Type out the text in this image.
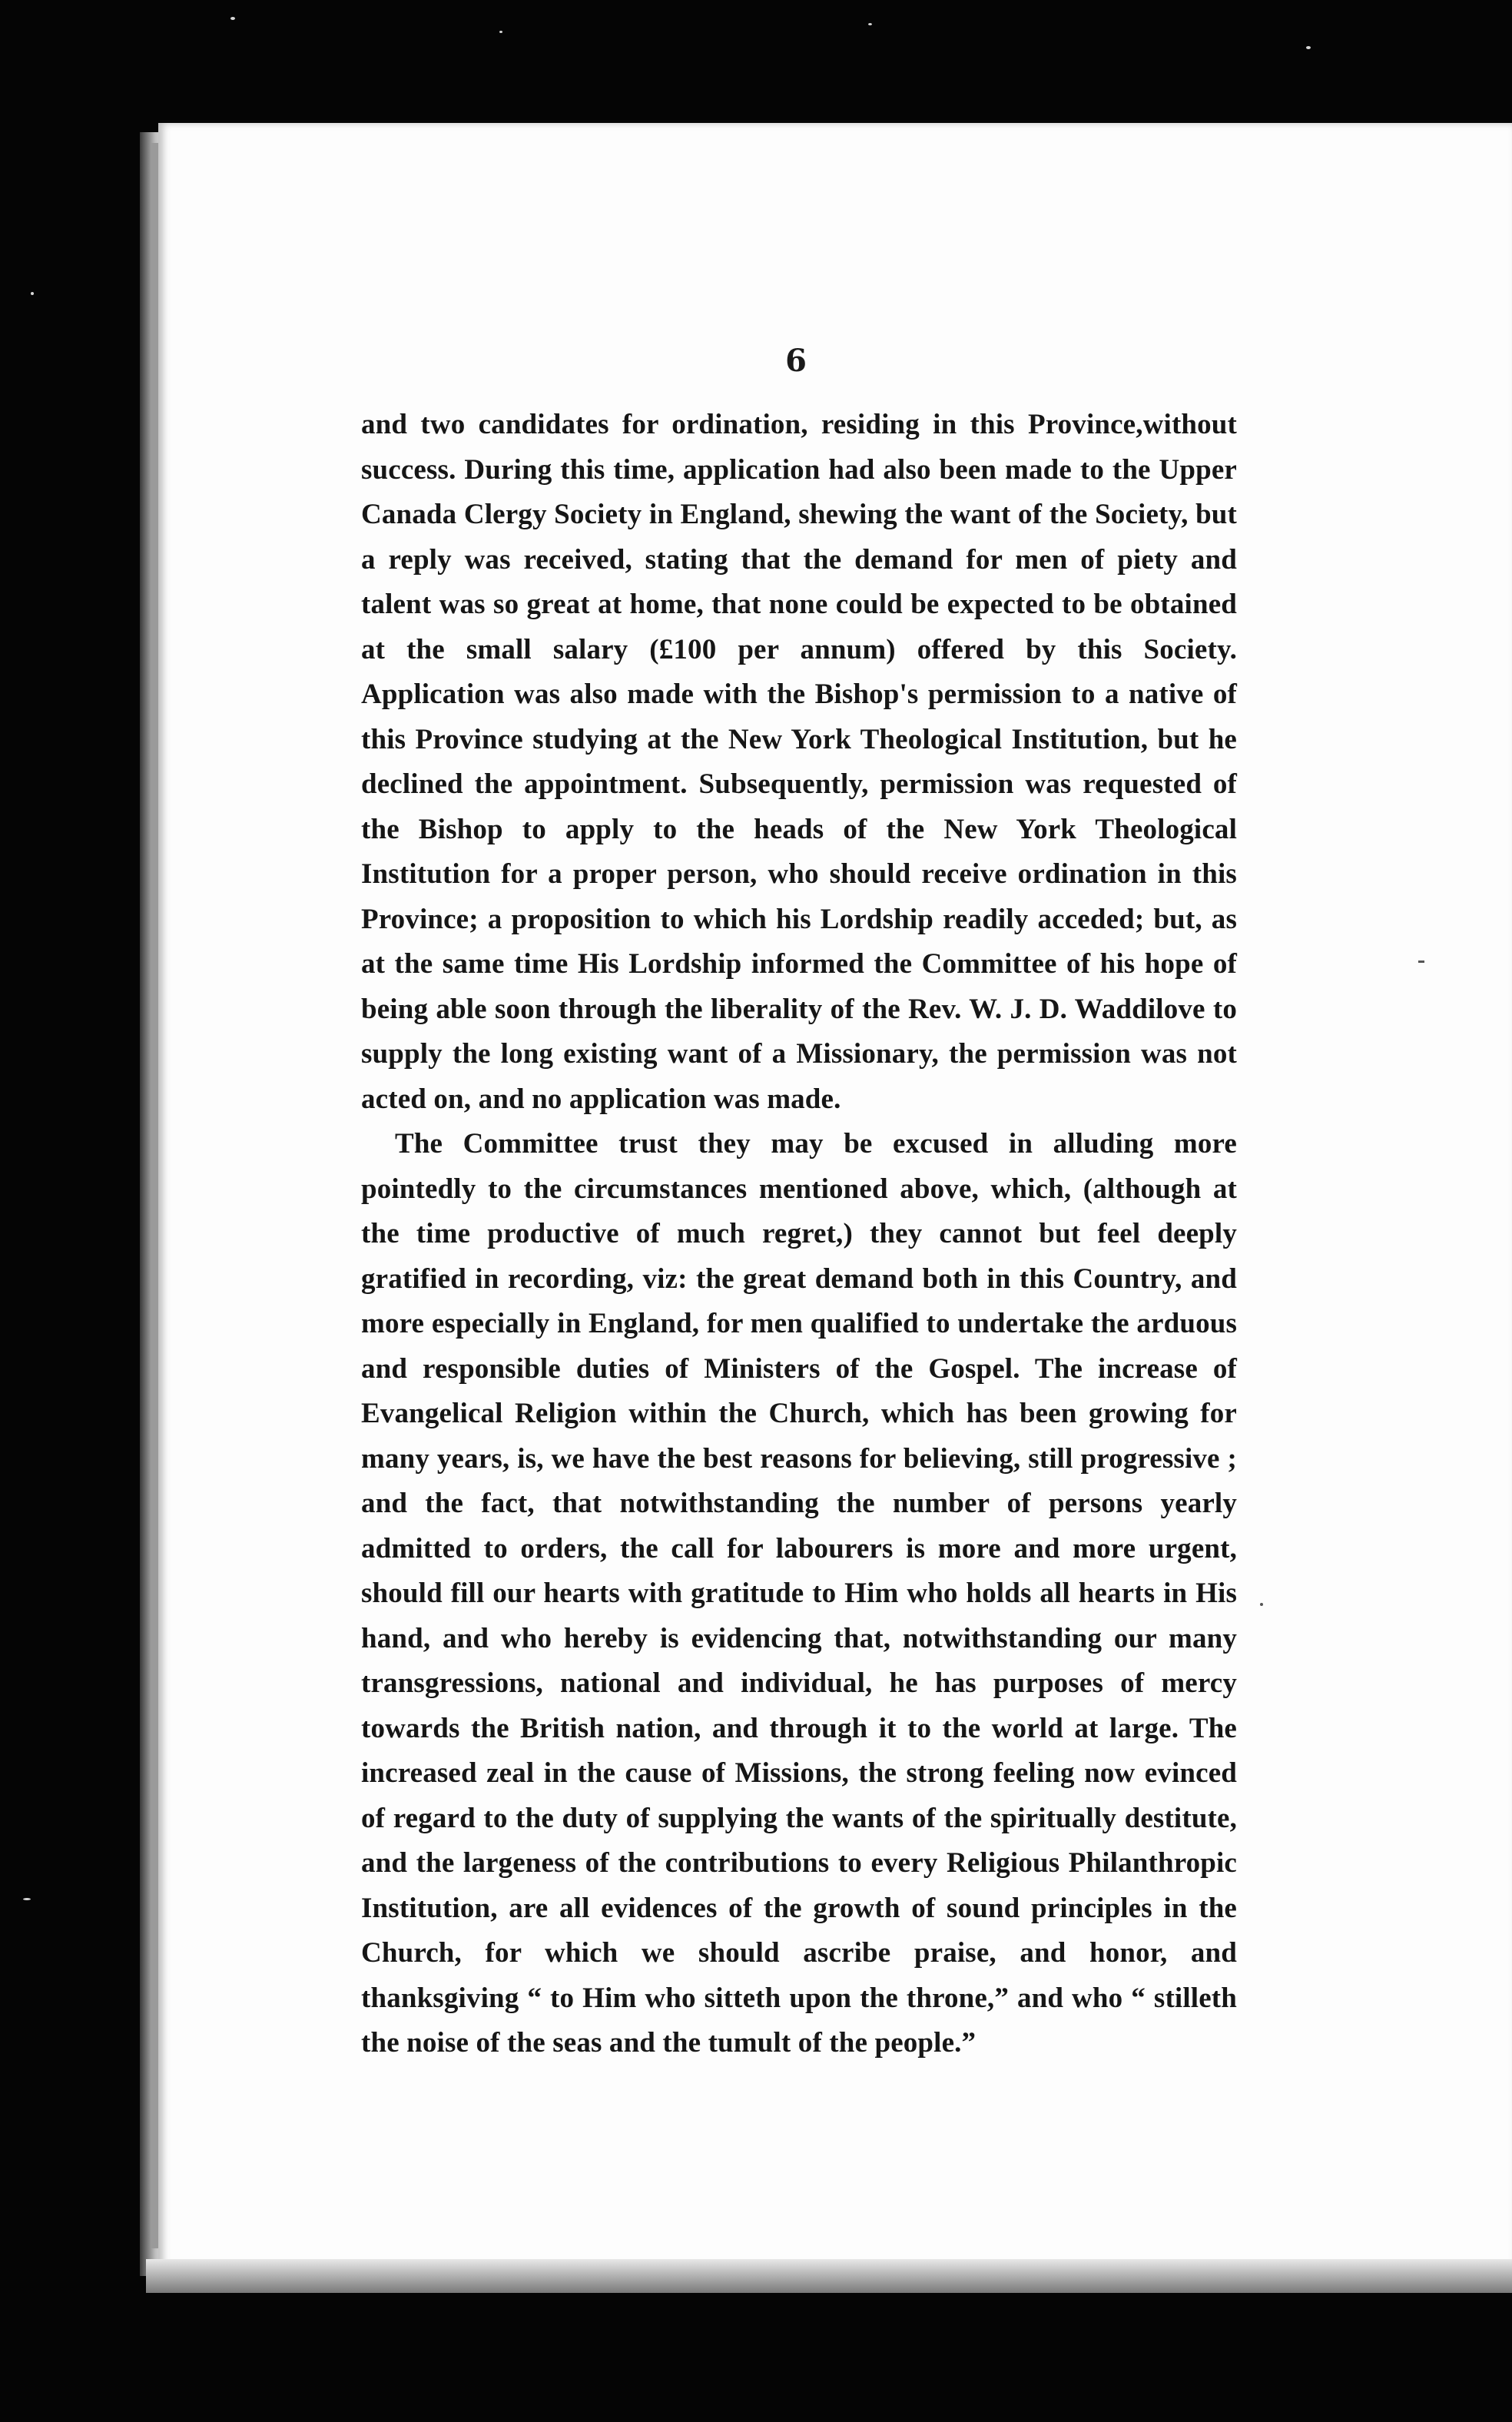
6

and two candidates for ordination, residing in this Province,without success. During this time, application had also been made to the Upper Canada Clergy Society in England, shewing the want of the Society, but a reply was received, stating that the demand for men of piety and talent was so great at home, that none could be expected to be obtained at the small salary (£100 per annum) offered by this Society. Application was also made with the Bishop's permission to a native of this Province studying at the New York Theological Institution, but he declined the appointment. Subsequently, permission was requested of the Bishop to apply to the heads of the New York Theological Institution for a proper person, who should receive ordination in this Province; a proposition to which his Lordship readily acceded; but, as at the same time His Lordship informed the Committee of his hope of being able soon through the liberality of the Rev. W. J. D. Waddilove to supply the long existing want of a Missionary, the permission was not acted on, and no application was made.

The Committee trust they may be excused in alluding more pointedly to the circumstances mentioned above, which, (although at the time productive of much regret,) they cannot but feel deeply gratified in recording, viz: the great demand both in this Country, and more especially in England, for men qualified to undertake the arduous and responsible duties of Ministers of the Gospel. The increase of Evangelical Religion within the Church, which has been growing for many years, is, we have the best reasons for believing, still progressive ; and the fact, that notwithstanding the number of persons yearly admitted to orders, the call for labourers is more and more urgent, should fill our hearts with gratitude to Him who holds all hearts in His hand, and who hereby is evidencing that, notwithstanding our many transgressions, national and individual, he has purposes of mercy towards the British nation, and through it to the world at large. The increased zeal in the cause of Missions, the strong feeling now evinced of regard to the duty of supplying the wants of the spiritually destitute, and the largeness of the contributions to every Religious Philanthropic Institution, are all evidences of the growth of sound principles in the Church, for which we should ascribe praise, and honor, and thanksgiving “ to Him who sitteth upon the throne,” and who “ stilleth the noise of the seas and the tumult of the people.”
